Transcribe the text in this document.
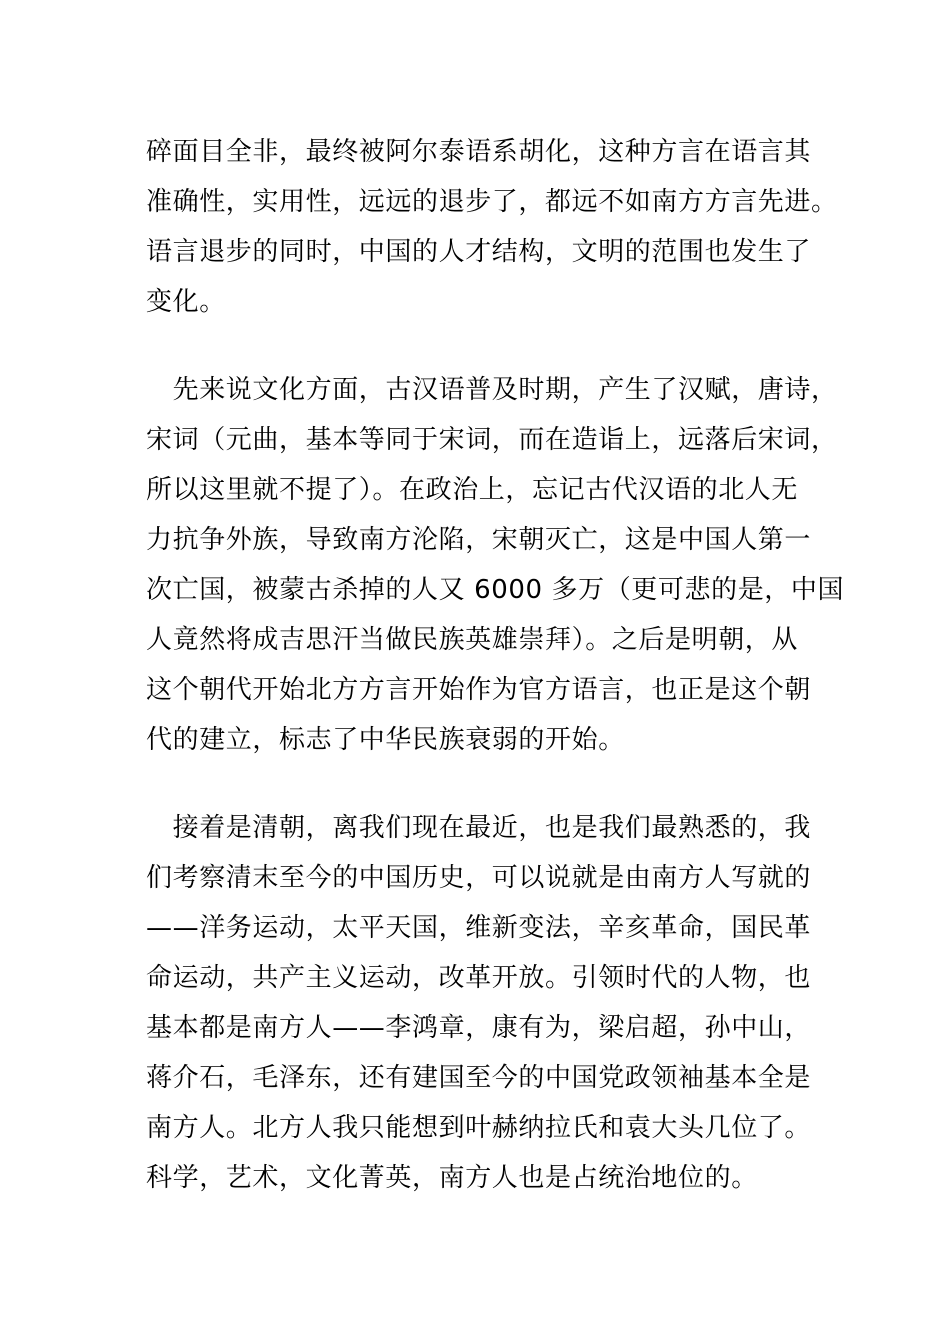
碎面目全非，最终被阿尔泰语系胡化，这种方言在语言其
准确性，实用性，远远的退步了，都远不如南方方言先进。
语言退步的同时，中国的人才结构，文明的范围也发生了
变化。
　先来说文化方面，古汉语普及时期，产生了汉赋，唐诗，
宋词（元曲，基本等同于宋词，而在造诣上，远落后宋词，
所以这里就不提了）。在政治上，忘记古代汉语的北人无
力抗争外族，导致南方沦陷，宋朝灭亡，这是中国人第一
次亡国，被蒙古杀掉的人又 6000 多万（更可悲的是，中国
人竟然将成吉思汗当做民族英雄崇拜）。之后是明朝，从
这个朝代开始北方方言开始作为官方语言，也正是这个朝
代的建立，标志了中华民族衰弱的开始。
　接着是清朝，离我们现在最近，也是我们最熟悉的，我
们考察清末至今的中国历史，可以说就是由南方人写就的
——洋务运动，太平天国，维新变法，辛亥革命，国民革
命运动，共产主义运动，改革开放。引领时代的人物，也
基本都是南方人——李鸿章，康有为，梁启超，孙中山，
蒋介石，毛泽东，还有建国至今的中国党政领袖基本全是
南方人。北方人我只能想到叶赫纳拉氏和袁大头几位了。
科学，艺术，文化菁英，南方人也是占统治地位的。
